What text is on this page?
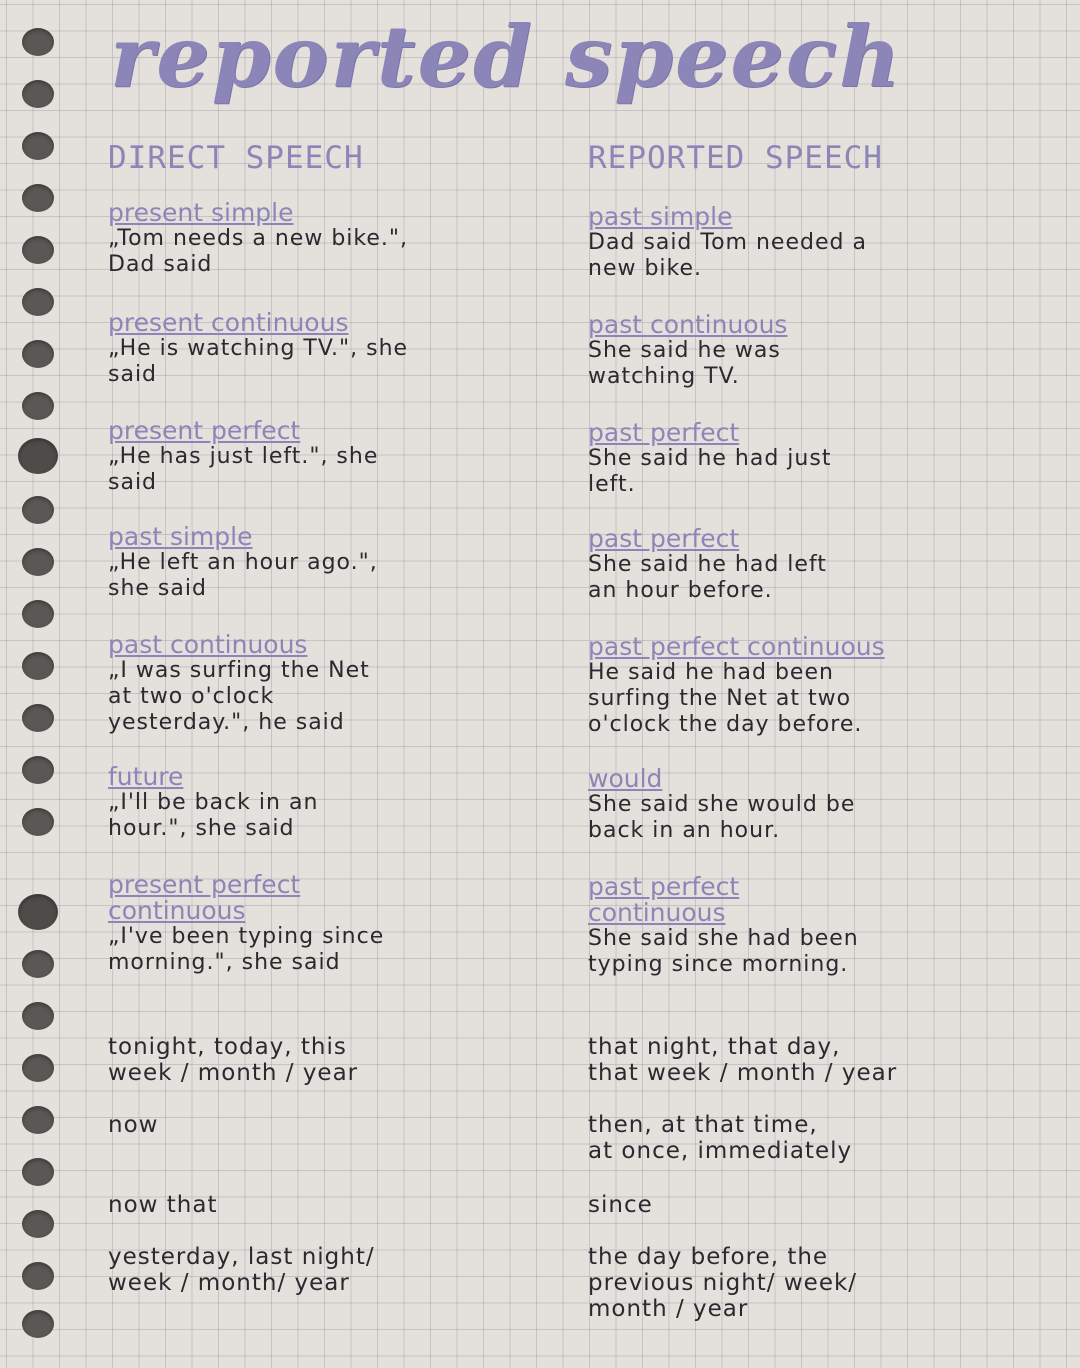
reported speech
DIRECT SPEECH	REPORTED SPEECH
present simple
„Tom needs a new bike.",
Dad said
present continuous
„He is watching TV.", she
said
present perfect
„He has just left.", she
said
past simple
„He left an hour ago.",
she said
past continuous
„I was surfing the Net
at two o'clock
yesterday.", he said
future
„I'll be back in an
hour.", she said
present perfect
continuous
„I've been typing since
morning.", she said
tonight, today, this
week / month / year
now
now that
yesterday, last night/
week / month/ year
past simple
Dad said Tom needed a
new bike.
past continuous
She said he was
watching TV.
past perfect
She said he had just
left.
past perfect
She said he had left
an hour before.
past perfect continuous
He said he had been
surfing the Net at two
o'clock the day before.
would
She said she would be
back in an hour.
past perfect
continuous
She said she had been
typing since morning.
that night, that day,
that week / month / year
then, at that time,
at once, immediately
since
the day before, the
previous night/ week/
month / year
